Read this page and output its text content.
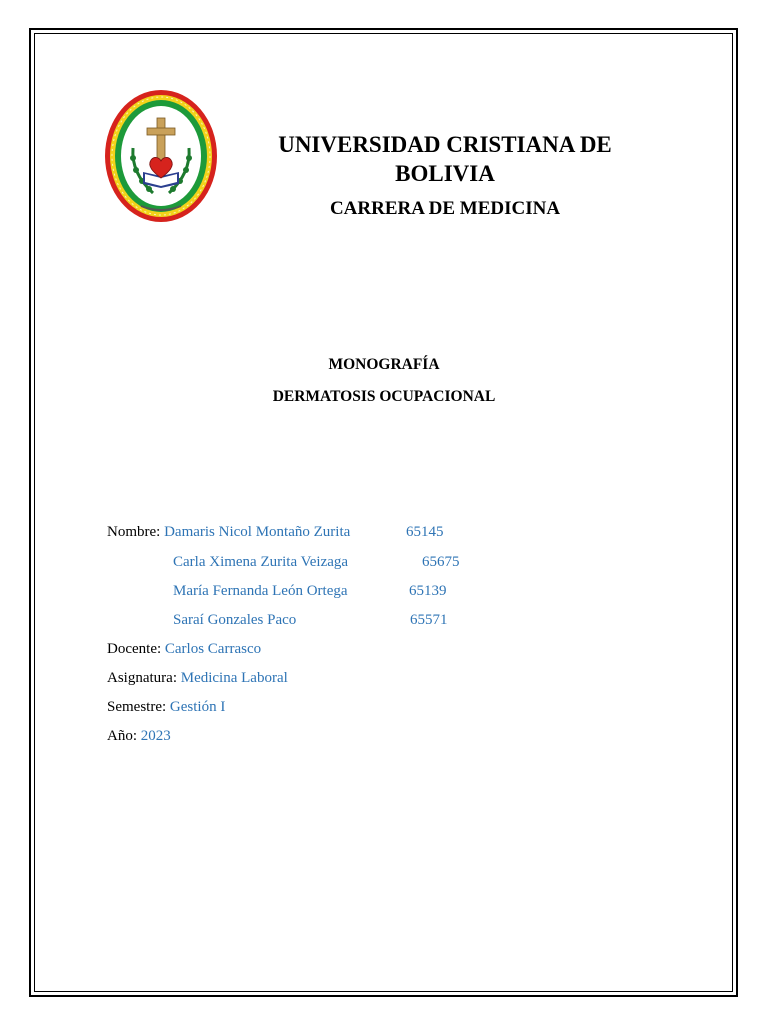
UNIVERSIDAD CRISTIANA DE
BOLIVIA
CARRERA DE MEDICINA
MONOGRAFÍA
DERMATOSIS OCUPACIONAL
Nombre: Damaris Nicol Montaño Zurita	65145
Carla Ximena Zurita Veizaga	65675
María Fernanda León Ortega	65139
Saraí Gonzales Paco	65571
Docente: Carlos Carrasco
Asignatura: Medicina Laboral
Semestre: Gestión I
Año: 2023
